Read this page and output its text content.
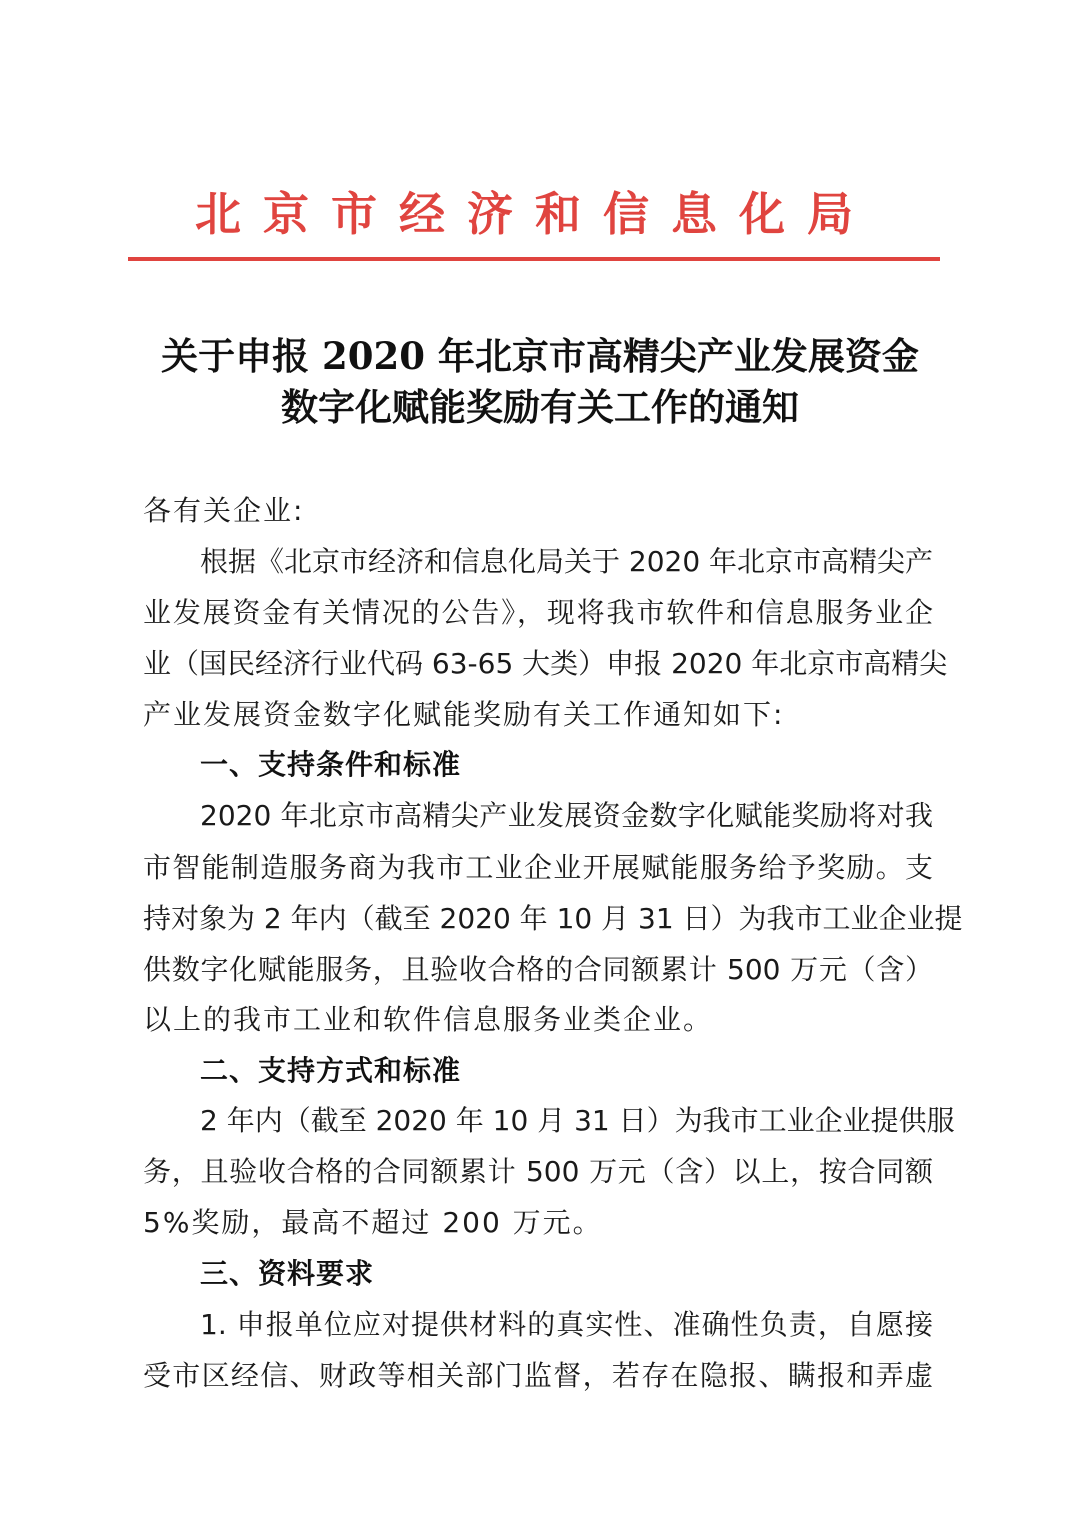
北京市经济和信息化局
关于申报 2020 年北京市高精尖产业发展资金
数字化赋能奖励有关工作的通知
各有关企业:
根据《北京市经济和信息化局关于 2020 年北京市高精尖产
业发展资金有关情况的公告》，现将我市软件和信息服务业企
业（国民经济行业代码 63-65 大类）申报 2020 年北京市高精尖
产业发展资金数字化赋能奖励有关工作通知如下:
一、支持条件和标准
2020 年北京市高精尖产业发展资金数字化赋能奖励将对我
市智能制造服务商为我市工业企业开展赋能服务给予奖励。支
持对象为 2 年内（截至 2020 年 10 月 31 日）为我市工业企业提
供数字化赋能服务，且验收合格的合同额累计 500 万元（含）
以上的我市工业和软件信息服务业类企业。
二、支持方式和标准
2 年内（截至 2020 年 10 月 31 日）为我市工业企业提供服
务，且验收合格的合同额累计 500 万元（含）以上，按合同额
5%奖励，最高不超过 200 万元。
三、资料要求
1. 申报单位应对提供材料的真实性、准确性负责，自愿接
受市区经信、财政等相关部门监督，若存在隐报、瞒报和弄虚
